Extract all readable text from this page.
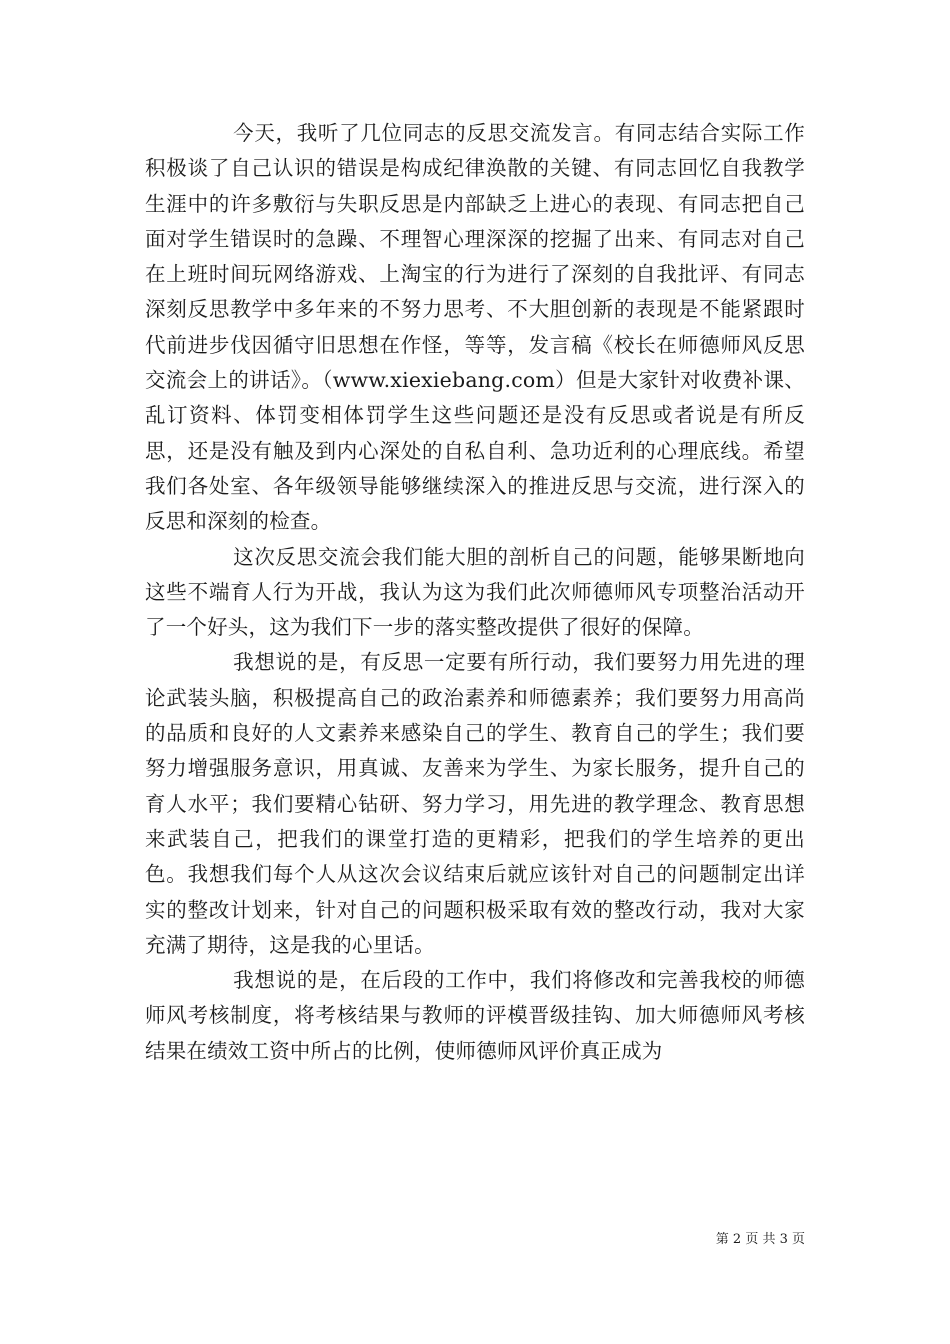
今天，我听了几位同志的反思交流发言。有同志结合实际工作积极谈了自己认识的错误是构成纪律涣散的关键、有同志回忆自我教学生涯中的许多敷衍与失职反思是内部缺乏上进心的表现、有同志把自己面对学生错误时的急躁、不理智心理深深的挖掘了出来、有同志对自己在上班时间玩网络游戏、上淘宝的行为进行了深刻的自我批评、有同志深刻反思教学中多年来的不努力思考、不大胆创新的表现是不能紧跟时代前进步伐因循守旧思想在作怪，等等，发言稿《校长在师德师风反思交流会上的讲话》。（www.xiexiebang.com）但是大家针对收费补课、乱订资料、体罚变相体罚学生这些问题还是没有反思或者说是有所反思，还是没有触及到内心深处的自私自利、急功近利的心理底线。希望我们各处室、各年级领导能够继续深入的推进反思与交流，进行深入的反思和深刻的检查。

这次反思交流会我们能大胆的剖析自己的问题，能够果断地向这些不端育人行为开战，我认为这为我们此次师德师风专项整治活动开了一个好头，这为我们下一步的落实整改提供了很好的保障。

我想说的是，有反思一定要有所行动，我们要努力用先进的理论武装头脑，积极提高自己的政治素养和师德素养；我们要努力用高尚的品质和良好的人文素养来感染自己的学生、教育自己的学生；我们要努力增强服务意识，用真诚、友善来为学生、为家长服务，提升自己的育人水平；我们要精心钻研、努力学习，用先进的教学理念、教育思想来武装自己，把我们的课堂打造的更精彩，把我们的学生培养的更出色。我想我们每个人从这次会议结束后就应该针对自己的问题制定出详实的整改计划来，针对自己的问题积极采取有效的整改行动，我对大家充满了期待，这是我的心里话。

我想说的是，在后段的工作中，我们将修改和完善我校的师德师风考核制度，将考核结果与教师的评模晋级挂钩、加大师德师风考核结果在绩效工资中所占的比例，使师德师风评价真正成为

第 2 页 共 3 页
